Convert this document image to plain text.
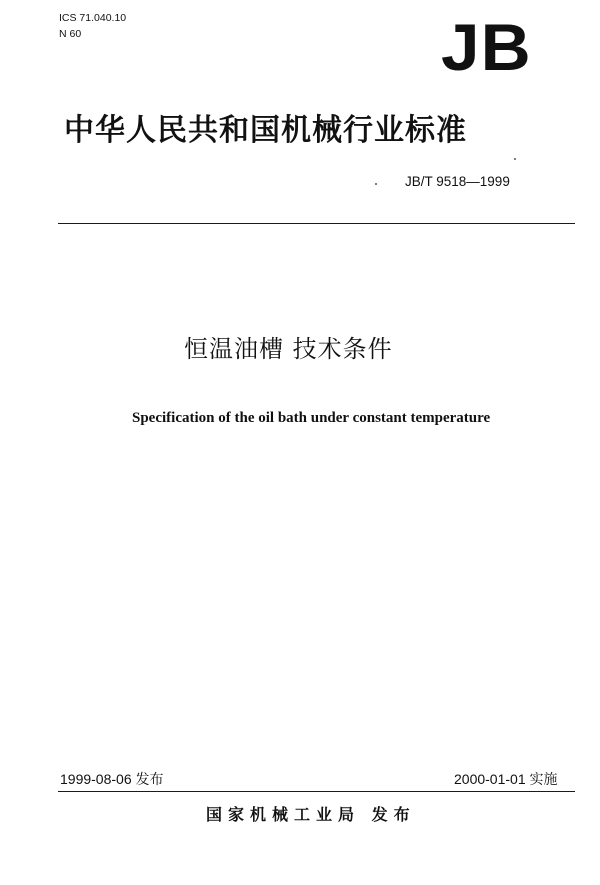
ICS 71.040.10
N 60	JB
中华人民共和国机械行业标准
JB/T 9518—1999
恒温油槽 技术条件
Specification of the oil bath under constant temperature
1999-08-06 发布	2000-01-01 实施
国家机械工业局 发布
